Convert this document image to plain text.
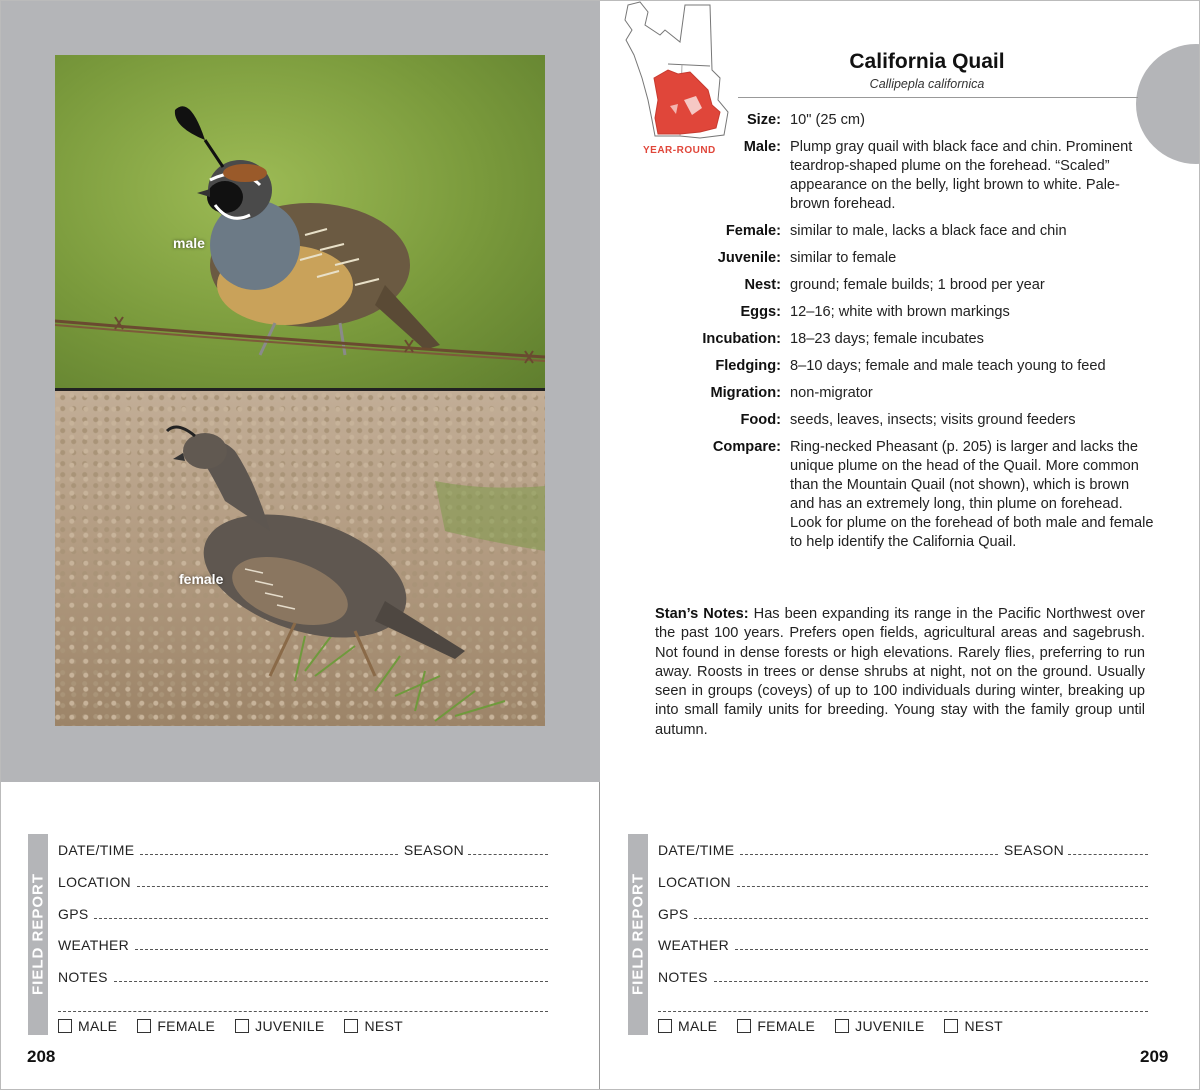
male
female
FIELD REPORT
DATE/TIME	SEASON
LOCATION
GPS
WEATHER
NOTES
MALE	FEMALE	JUVENILE	NEST
208
FIELD REPORT
DATE/TIME	SEASON
LOCATION
GPS
WEATHER
NOTES
MALE	FEMALE	JUVENILE	NEST
209
YEAR-ROUND
California Quail
Callipepla californica
Size: 10" (25 cm)
Male: Plump gray quail with black face and chin. Prominent teardrop-shaped plume on the forehead. “Scaled” appearance on the belly, light brown to white. Pale-brown forehead.
Female: similar to male, lacks a black face and chin
Juvenile: similar to female
Nest: ground; female builds; 1 brood per year
Eggs: 12–16; white with brown markings
Incubation: 18–23 days; female incubates
Fledging: 8–10 days; female and male teach young to feed
Migration: non-migrator
Food: seeds, leaves, insects; visits ground feeders
Compare: Ring-necked Pheasant (p. 205) is larger and lacks the unique plume on the head of the Quail. More common than the Mountain Quail (not shown), which is brown and has an extremely long, thin plume on forehead. Look for plume on the forehead of both male and female to help identify the California Quail.
Stan’s Notes: Has been expanding its range in the Pacific Northwest over the past 100 years. Prefers open fields, agricultural areas and sagebrush. Not found in dense forests or high elevations. Rarely flies, preferring to run away. Roosts in trees or dense shrubs at night, not on the ground. Usually seen in groups (coveys) of up to 100 individuals during winter, breaking up into small family units for breeding. Young stay with the family group until autumn.
